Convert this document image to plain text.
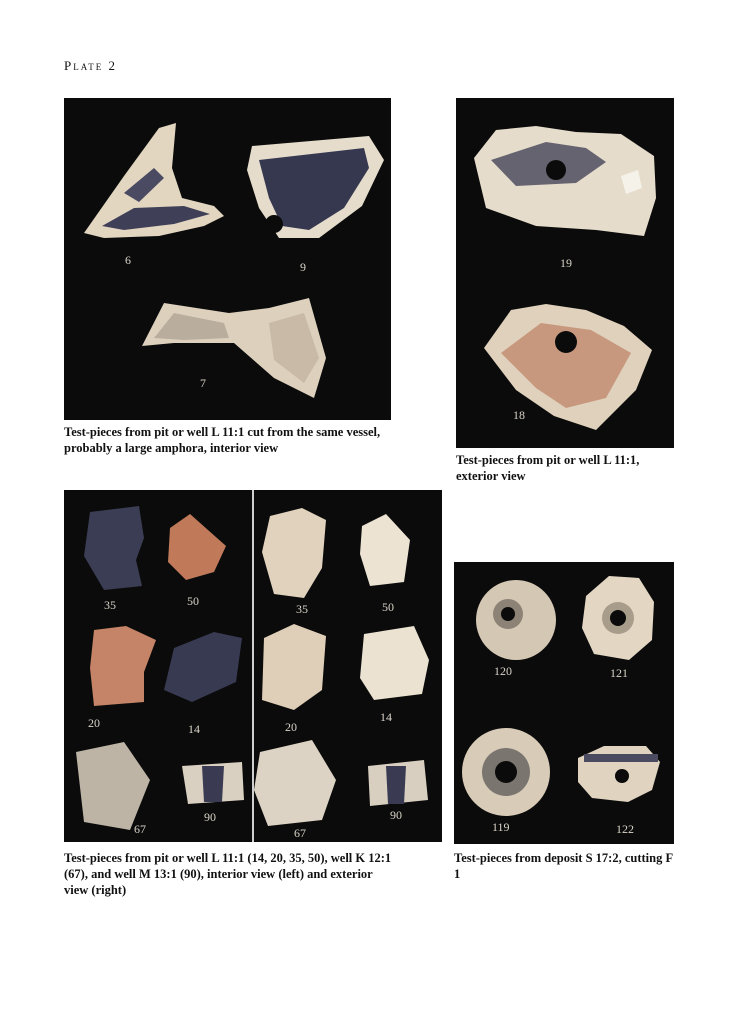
Plate 2
6	9
7
Test-pieces from pit or well L 11:1 cut from the same vessel, probably a large amphora, interior view
19
18
Test-pieces from pit or well L 11:1, exterior view
35	50
20	14
67
90
35	50
20
14
67
90
Test-pieces from pit or well L 11:1 (14, 20, 35, 50), well K 12:1 (67), and well M 13:1 (90), interior view (left) and exterior view (right)
120	121
119	122
Test-pieces from deposit S 17:2, cutting F 1
